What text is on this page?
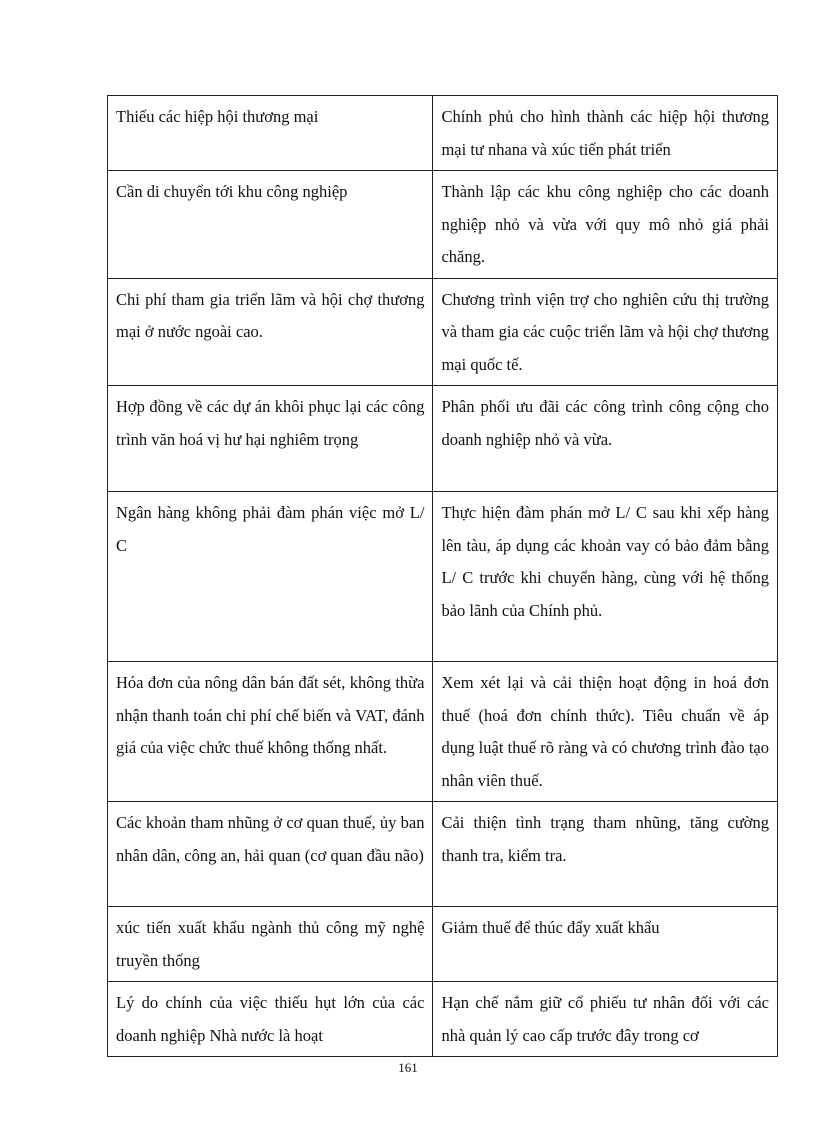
Thiếu các hiệp hội thương mại	Chính phủ cho hình thành các hiệp hội thương mại tư nhana và xúc tiến phát triển
Cần di chuyển tới khu công nghiệp	Thành lập các khu công nghiệp cho các doanh nghiệp nhỏ và vừa với quy mô nhỏ giá phải chăng.
Chi phí tham gia triển lãm và hội chợ thương mại ở nước ngoài cao.	Chương trình viện trợ cho nghiên cứu thị trường và tham gia các cuộc triển lãm và hội chợ thương mại quốc tế.
Hợp đồng về các dự án khôi phục lại các công trình văn hoá vị hư hại nghiêm trọng	Phân phối ưu đãi các công trình công cộng cho doanh nghiệp nhỏ và vừa.
Ngân hàng không phải đàm phán việc mở L/ C	Thực hiện đàm phán mở L/ C sau khi xếp hàng lên tàu, áp dụng các khoản vay có bảo đảm bằng L/ C trước khi chuyển hàng, cùng với hệ thống bảo lãnh của Chính phủ.
Hóa đơn của nông dân bán đất sét, không thừa nhận thanh toán chi phí chế biến và VAT, đánh giá của việc chức thuế không thống nhất.	Xem xét lại và cải thiện hoạt động in hoá đơn thuế (hoá đơn chính thức). Tiêu chuẩn về áp dụng luật thuế rõ ràng và có chương trình đào tạo nhân viên thuế.
Các khoản tham nhũng ở cơ quan thuế, ủy ban nhân dân, công an, hải quan (cơ quan đầu não)	Cải thiện tình trạng tham nhũng, tăng cường thanh tra, kiểm tra.
xúc tiến xuất khẩu ngành thủ công mỹ nghệ truyền thống	Giảm thuế để thúc đẩy xuất khẩu
Lý do chính của việc thiếu hụt lớn của các doanh nghiệp Nhà nước là hoạt	Hạn chế nắm giữ cổ phiếu tư nhân đối với các nhà quản lý cao cấp trước đây trong cơ
161
